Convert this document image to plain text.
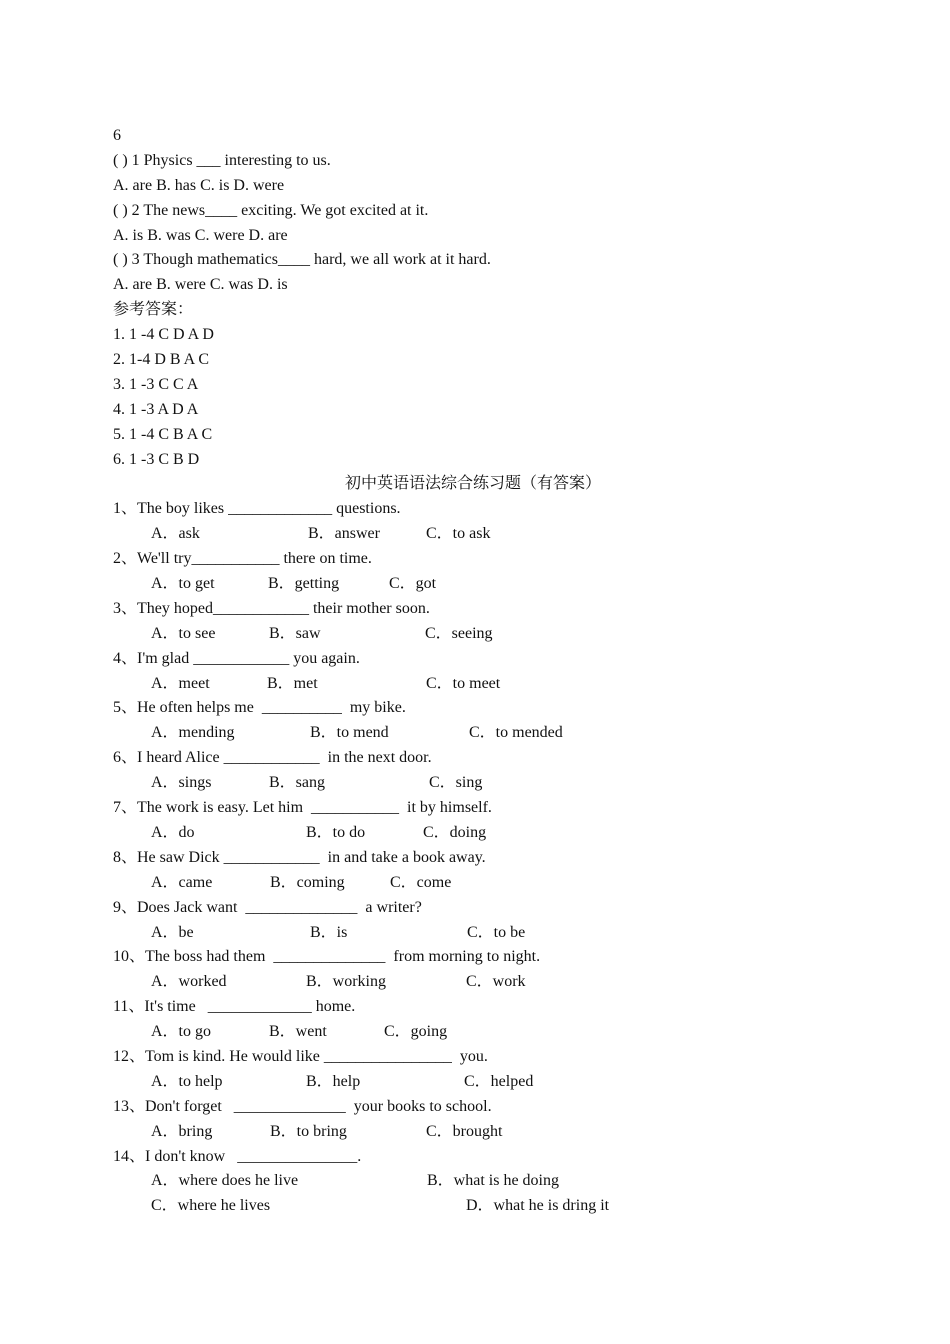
6
( ) 1 Physics ___ interesting to us.
A. are B. has C. is D. were
( ) 2 The news____ exciting. We got excited at it.
A. is B. was C. were D. are
( ) 3 Though mathematics____ hard, we all work at it hard.
A. are B. were C. was D. is
参考答案：
1. 1 -4 C D A D
2. 1-4 D B A C
3. 1 -3 C C A
4. 1 -3 A D A
5. 1 -4 C B A C
6. 1 -3 C B D
初中英语语法综合练习题（有答案）
1、The boy likes _____________ questions.

A．ask

	B．answer

	C．to ask

2、We'll try___________ there on time.

A．to get

	B．getting

	C．got

3、They hoped____________ their mother soon.

A．to see

	B．saw

	C．seeing

4、I'm glad ____________ you again.

A．meet

	B．met

	C．to meet

5、He often helps me  __________  my bike.

A．mending

	B．to mend

	C．to mended

6、I heard Alice ____________  in the next door.

A．sings

	B．sang

	C．sing

7、The work is easy. Let him  ___________  it by himself.

A．do

	B．to do

	C．doing

8、He saw Dick ____________  in and take a book away.

A．came

	B．coming

	C．come

9、Does Jack want  ______________  a writer?

A．be

	B．is

	C．to be

10、The boss had them  ______________  from morning to night.

A．worked

	B．working

	C．work

11、It's time   _____________ home.

A．to go

	B．went

	C．going

12、Tom is kind. He would like ________________  you.

A．to help

	B．help

	C．helped

13、Don't forget   ______________  your books to school.

A．bring

	B．to bring

	C．brought

14、I don't know   _______________.

A．where does he live

	B．what is he doing

C．where he lives

	D．what he is dring it
